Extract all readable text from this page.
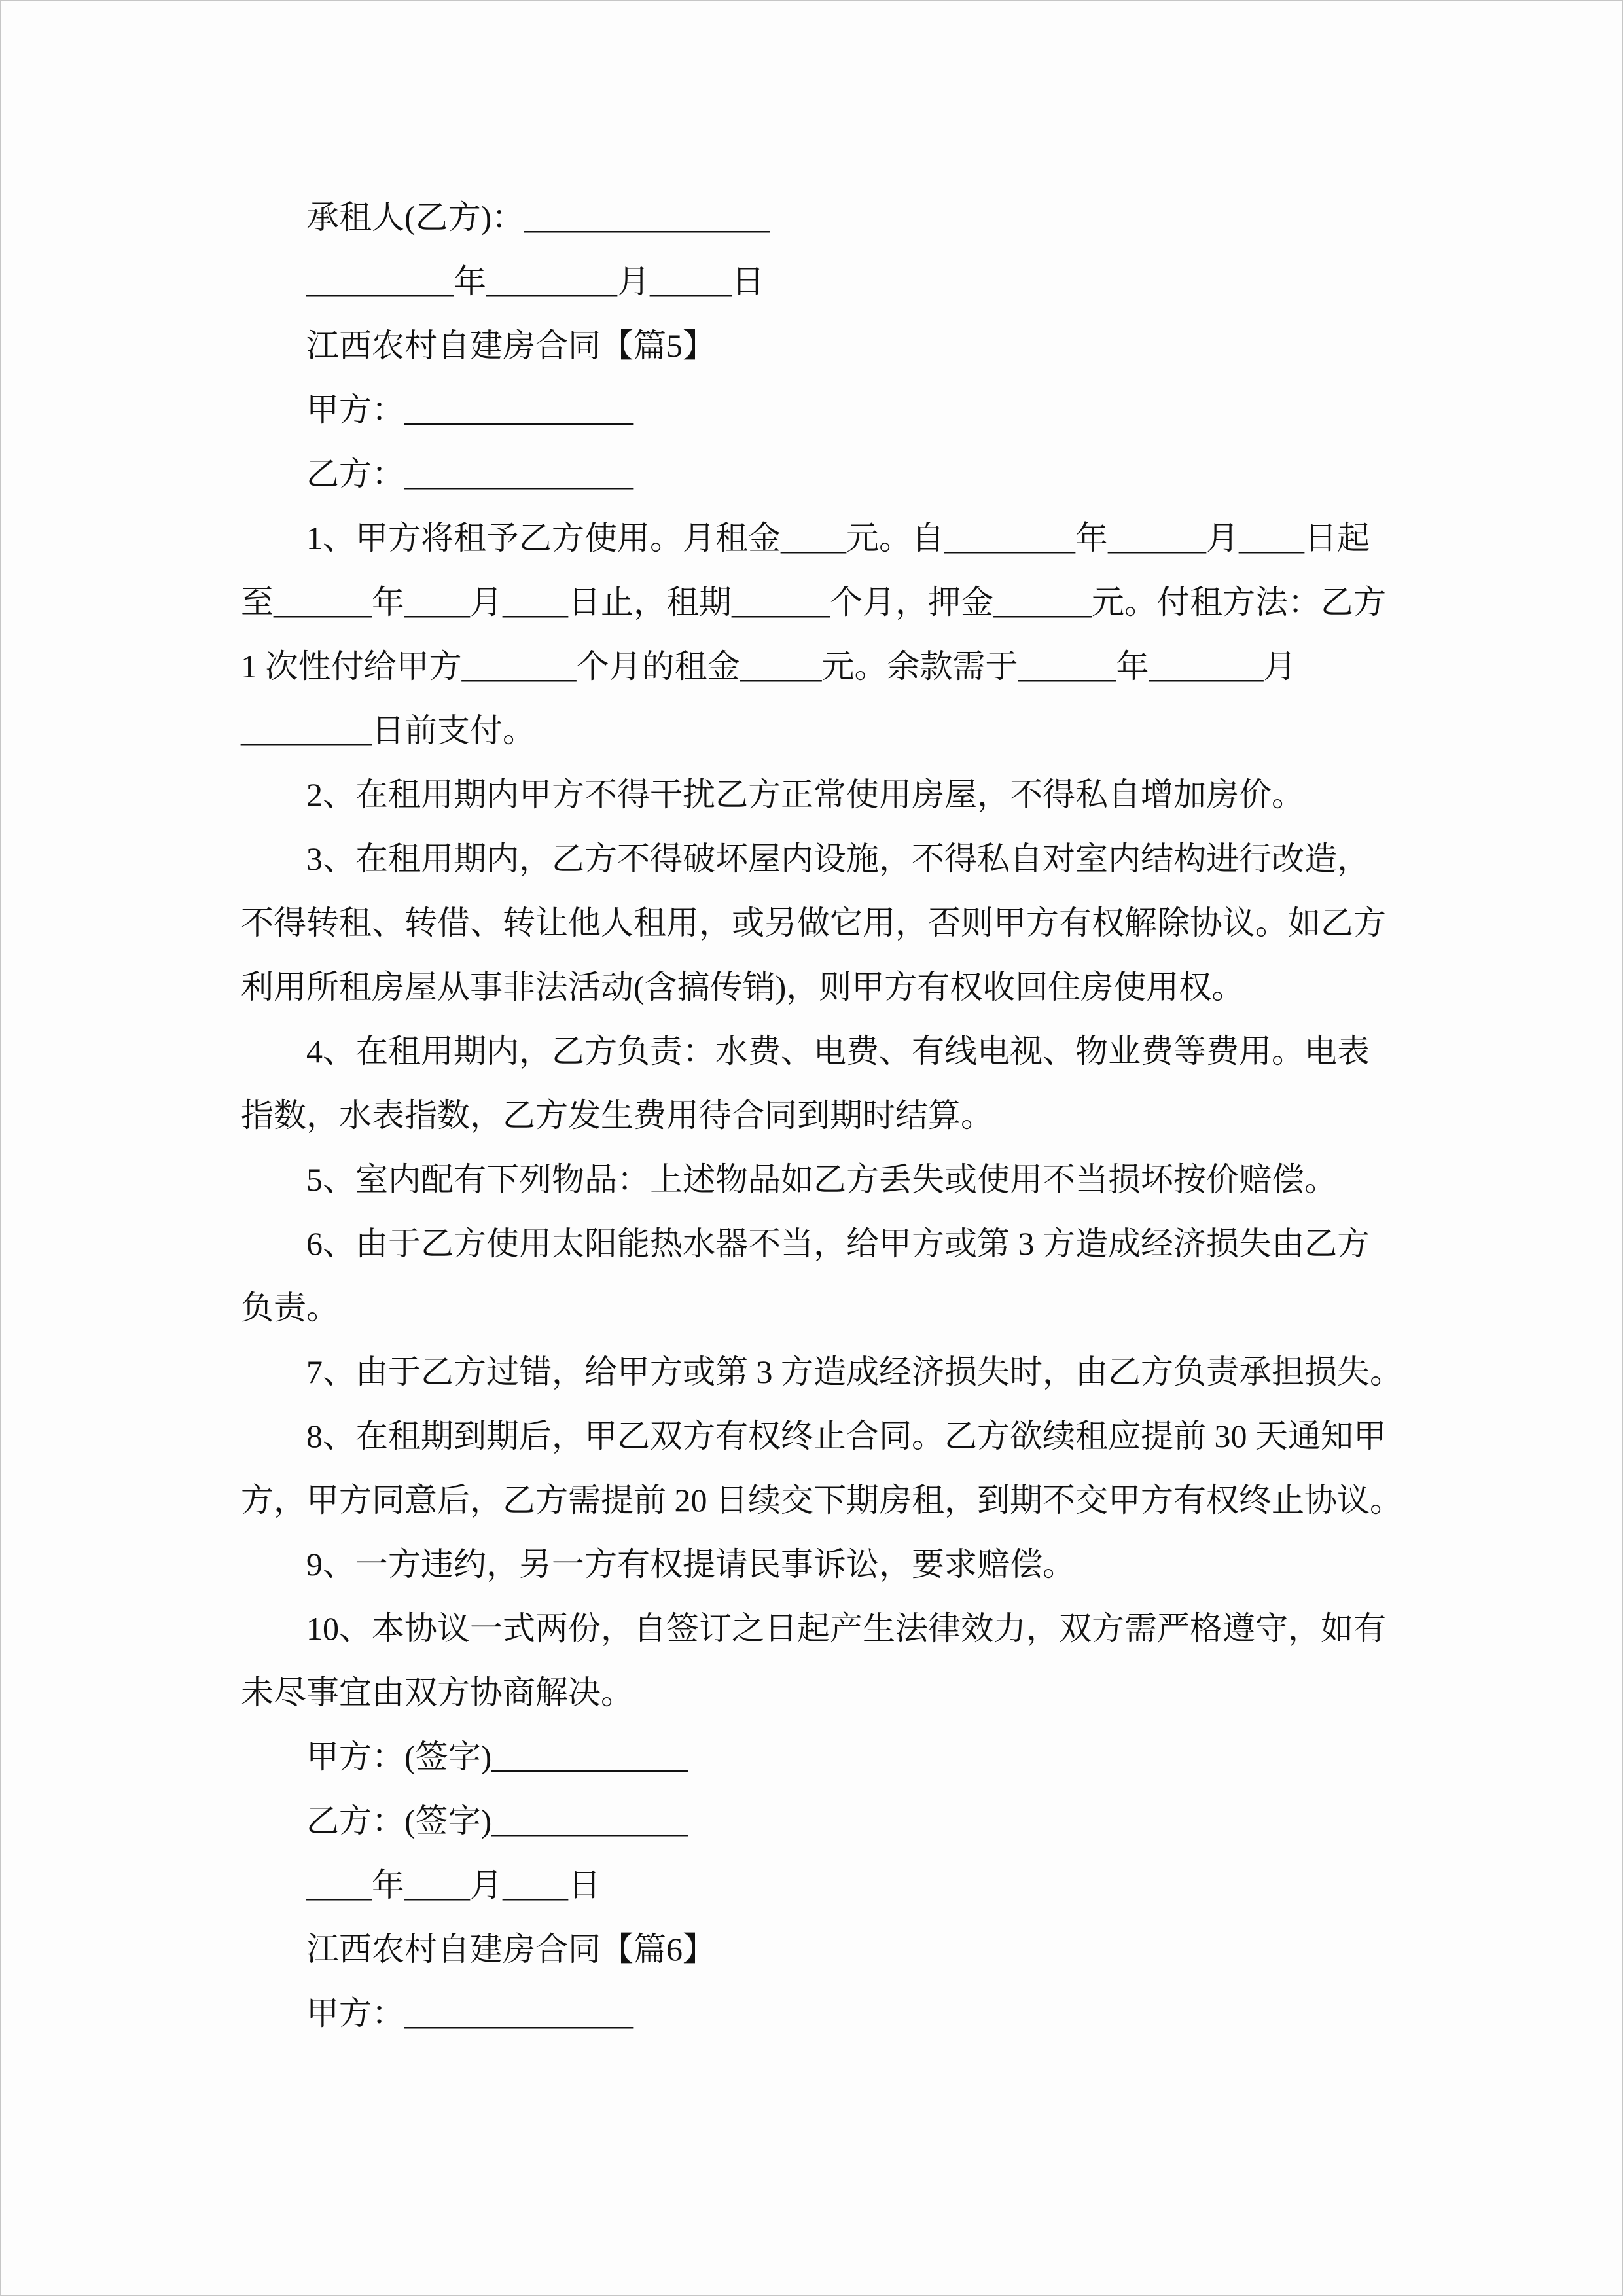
承租人(乙方)：_______________
_________年________月_____日
江西农村自建房合同【篇5】
甲方：______________
乙方：______________
1、甲方将租予乙方使用。月租金____元。自________年______月____日起
至______年____月____日止，租期______个月，押金______元。付租方法：乙方
1 次性付给甲方_______个月的租金_____元。余款需于______年_______月
________日前支付。
2、在租用期内甲方不得干扰乙方正常使用房屋，不得私自增加房价。
3、在租用期内，乙方不得破坏屋内设施，不得私自对室内结构进行改造，
不得转租、转借、转让他人租用，或另做它用，否则甲方有权解除协议。如乙方
利用所租房屋从事非法活动(含搞传销)，则甲方有权收回住房使用权。
4、在租用期内，乙方负责：水费、电费、有线电视、物业费等费用。电表
指数，水表指数，乙方发生费用待合同到期时结算。
5、室内配有下列物品：上述物品如乙方丢失或使用不当损坏按价赔偿。
6、由于乙方使用太阳能热水器不当，给甲方或第 3 方造成经济损失由乙方
负责。
7、由于乙方过错，给甲方或第 3 方造成经济损失时，由乙方负责承担损失。
8、在租期到期后，甲乙双方有权终止合同。乙方欲续租应提前 30 天通知甲
方，甲方同意后，乙方需提前 20 日续交下期房租，到期不交甲方有权终止协议。
9、一方违约，另一方有权提请民事诉讼，要求赔偿。
10、本协议一式两份，自签订之日起产生法律效力，双方需严格遵守，如有
未尽事宜由双方协商解决。
甲方：(签字)____________
乙方：(签字)____________
____年____月____日
江西农村自建房合同【篇6】
甲方：______________
